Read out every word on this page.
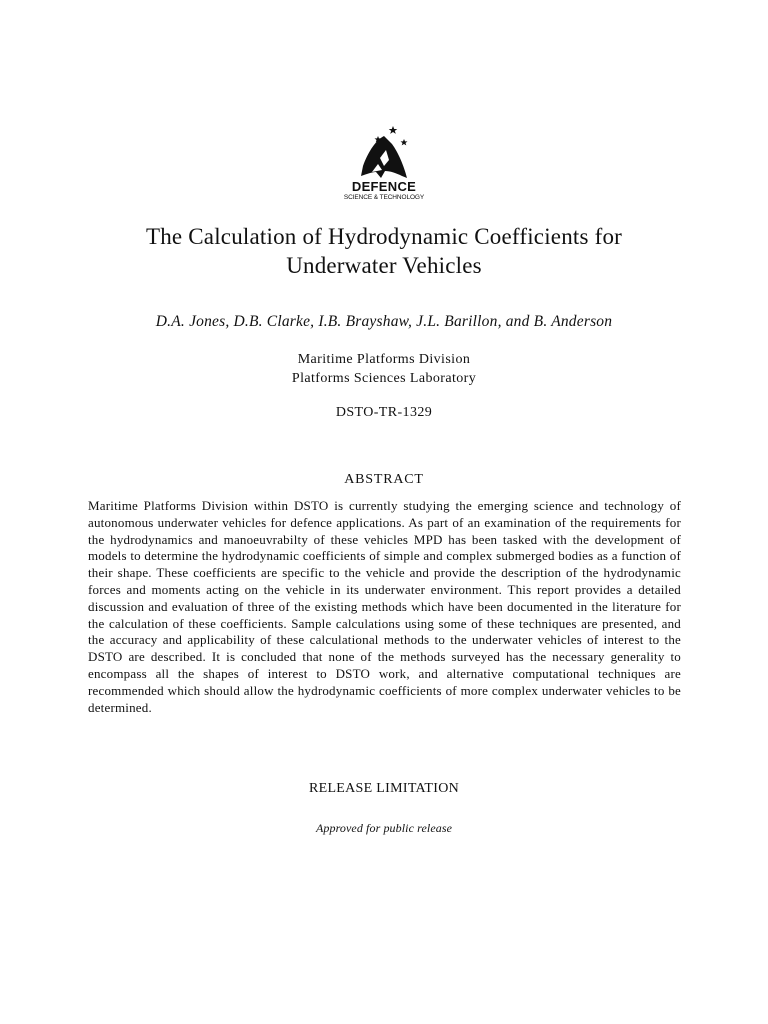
DEFENCE
SCIENCE & TECHNOLOGY
The Calculation of Hydrodynamic Coefficients for
Underwater Vehicles
D.A. Jones, D.B. Clarke, I.B. Brayshaw, J.L. Barillon, and B. Anderson
Maritime Platforms Division
Platforms Sciences Laboratory
DSTO-TR-1329
ABSTRACT

Maritime Platforms Division within DSTO is currently studying the emerging science and technology of autonomous underwater vehicles for defence applications. As part of an examination of the requirements for the hydrodynamics and manoeuvrabilty of these vehicles MPD has been tasked with the development of models to determine the hydrodynamic coefficients of simple and complex submerged bodies as a function of their shape. These coefficients are specific to the vehicle and provide the description of the hydrodynamic forces and moments acting on the vehicle in its underwater environment. This report provides a detailed discussion and evaluation of three of the existing methods which have been documented in the literature for the calculation of these coefficients. Sample calculations using some of these techniques are presented, and the accuracy and applicability of these calculational methods to the underwater vehicles of interest to the DSTO are described. It is concluded that none of the methods surveyed has the necessary generality to encompass all the shapes of interest to DSTO work, and alternative computational techniques are recommended which should allow the hydrodynamic coefficients of more complex underwater vehicles to be determined.

RELEASE LIMITATION
Approved for public release
